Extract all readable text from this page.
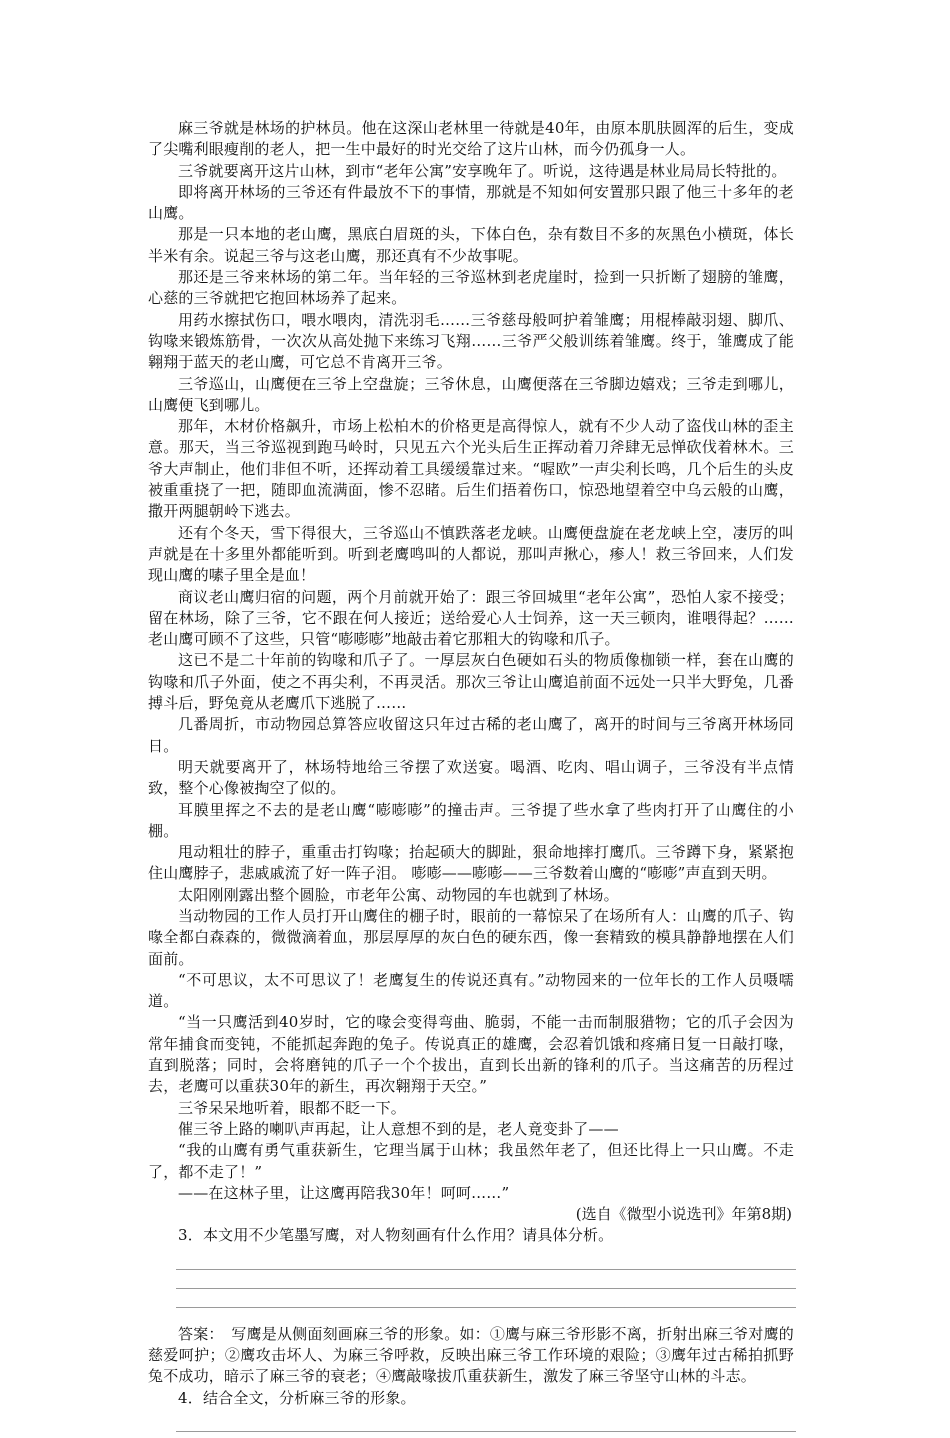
麻三爷就是林场的护林员。他在这深山老林里一待就是40年，由原本肌肤圆浑的后生，变成了尖嘴利眼瘦削的老人，把一生中最好的时光交给了这片山林，而今仍孤身一人。

三爷就要离开这片山林，到市“老年公寓”安享晚年了。听说，这待遇是林业局局长特批的。

即将离开林场的三爷还有件最放不下的事情，那就是不知如何安置那只跟了他三十多年的老山鹰。

那是一只本地的老山鹰，黑底白眉斑的头，下体白色，杂有数目不多的灰黑色小横斑，体长半米有余。说起三爷与这老山鹰，那还真有不少故事呢。

那还是三爷来林场的第二年。当年轻的三爷巡林到老虎崖时，捡到一只折断了翅膀的雏鹰，心慈的三爷就把它抱回林场养了起来。

用药水擦拭伤口，喂水喂肉，清洗羽毛……三爷慈母般呵护着雏鹰；用棍棒敲羽翅、脚爪、钩喙来锻炼筋骨，一次次从高处抛下来练习飞翔……三爷严父般训练着雏鹰。终于，雏鹰成了能翱翔于蓝天的老山鹰，可它总不肯离开三爷。

三爷巡山，山鹰便在三爷上空盘旋；三爷休息，山鹰便落在三爷脚边嬉戏；三爷走到哪儿，山鹰便飞到哪儿。

那年，木材价格飙升，市场上松柏木的价格更是高得惊人，就有不少人动了盗伐山林的歪主意。那天，当三爷巡视到跑马岭时，只见五六个光头后生正挥动着刀斧肆无忌惮砍伐着林木。三爷大声制止，他们非但不听，还挥动着工具缓缓靠过来。“喔欧”一声尖利长鸣，几个后生的头皮被重重挠了一把，随即血流满面，惨不忍睹。后生们捂着伤口，惊恐地望着空中乌云般的山鹰，撒开两腿朝岭下逃去。

还有个冬天，雪下得很大，三爷巡山不慎跌落老龙峡。山鹰便盘旋在老龙峡上空，凄厉的叫声就是在十多里外都能听到。听到老鹰鸣叫的人都说，那叫声揪心，瘆人！救三爷回来，人们发现山鹰的嗉子里全是血！

商议老山鹰归宿的问题，两个月前就开始了：跟三爷回城里“老年公寓”，恐怕人家不接受；留在林场，除了三爷，它不跟在何人接近；送给爱心人士饲养，这一天三顿肉，谁喂得起？……老山鹰可顾不了这些，只管“嘭嘭嘭”地敲击着它那粗大的钩喙和爪子。

这已不是二十年前的钩喙和爪子了。一厚层灰白色硬如石头的物质像枷锁一样，套在山鹰的钩喙和爪子外面，使之不再尖利，不再灵活。那次三爷让山鹰追前面不远处一只半大野兔，几番搏斗后，野兔竟从老鹰爪下逃脱了……

几番周折，市动物园总算答应收留这只年过古稀的老山鹰了，离开的时间与三爷离开林场同日。

明天就要离开了，林场特地给三爷摆了欢送宴。喝酒、吃肉、唱山调子，三爷没有半点情致，整个心像被掏空了似的。

耳膜里挥之不去的是老山鹰“嘭嘭嘭”的撞击声。三爷提了些水拿了些肉打开了山鹰住的小棚。

甩动粗壮的脖子，重重击打钩喙；抬起硕大的脚趾，狠命地摔打鹰爪。三爷蹲下身，紧紧抱住山鹰脖子，悲戚戚流了好一阵子泪。 嘭嘭——嘭嘭——三爷数着山鹰的“嘭嘭”声直到天明。

太阳刚刚露出整个圆脸，市老年公寓、动物园的车也就到了林场。

当动物园的工作人员打开山鹰住的棚子时，眼前的一幕惊呆了在场所有人：山鹰的爪子、钩喙全都白森森的，微微滴着血，那层厚厚的灰白色的硬东西，像一套精致的模具静静地摆在人们面前。

“不可思议，太不可思议了！老鹰复生的传说还真有。”动物园来的一位年长的工作人员嗫嚅道。

“当一只鹰活到40岁时，它的喙会变得弯曲、脆弱，不能一击而制服猎物；它的爪子会因为常年捕食而变钝，不能抓起奔跑的兔子。传说真正的雄鹰，会忍着饥饿和疼痛日复一日敲打喙，直到脱落；同时，会将磨钝的爪子一个个拔出，直到长出新的锋利的爪子。当这痛苦的历程过去，老鹰可以重获30年的新生，再次翱翔于天空。”

三爷呆呆地听着，眼都不眨一下。

催三爷上路的喇叭声再起，让人意想不到的是，老人竟变卦了——

“我的山鹰有勇气重获新生，它理当属于山林；我虽然年老了，但还比得上一只山鹰。不走了，都不走了！”

——在这林子里，让这鹰再陪我30年！呵呵……”

(选自《微型小说选刊》年第8期)

3．本文用不少笔墨写鹰，对人物刻画有什么作用？请具体分析。

答案：　写鹰是从侧面刻画麻三爷的形象。如：①鹰与麻三爷形影不离，折射出麻三爷对鹰的慈爱呵护；②鹰攻击坏人、为麻三爷呼救，反映出麻三爷工作环境的艰险；③鹰年过古稀拍抓野兔不成功，暗示了麻三爷的衰老；④鹰敲喙拔爪重获新生，激发了麻三爷坚守山林的斗志。

4．结合全文，分析麻三爷的形象。
